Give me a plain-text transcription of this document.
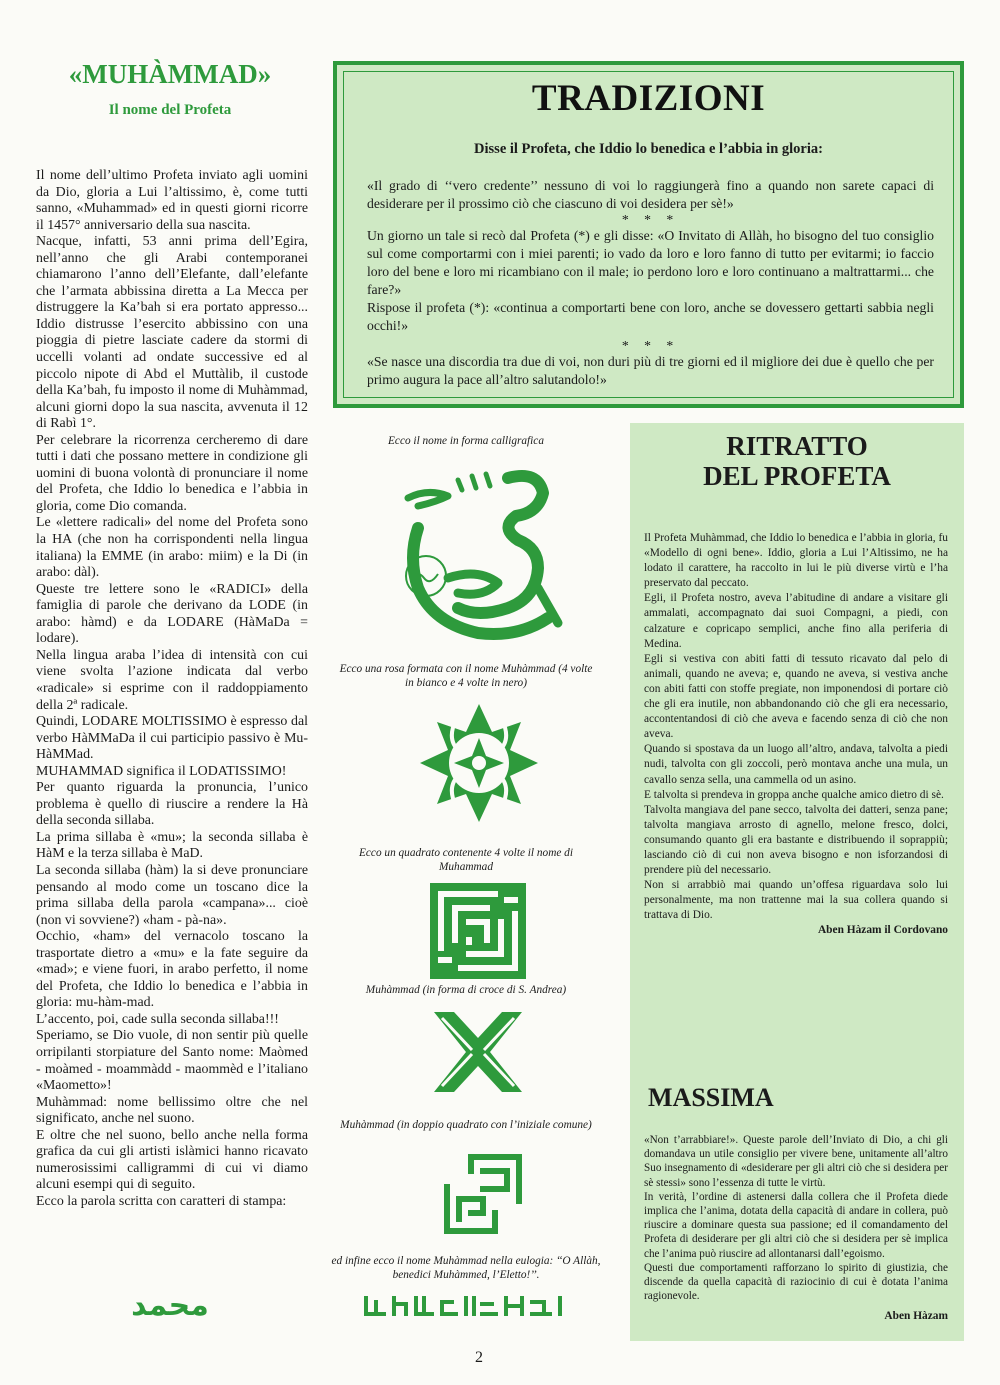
«MUHÀMMAD»
Il nome del Profeta

Il nome dell’ultimo Profeta inviato agli uomini da Dio, gloria a Lui l’altissimo, è, come tutti sanno, «Muhammad» ed in questi giorni ricorre il 1457° anniversario della sua nascita.

Nacque, infatti, 53 anni prima dell’Egira, nell’anno che gli Arabi contemporanei chiamarono l’anno dell’Elefante, dall’elefante che l’armata abbissina diretta a La Mecca per distruggere la Ka’bah si era portato appresso... Iddio distrusse l’esercito abbissino con una pioggia di pietre lasciate cadere da stormi di uccelli volanti ad ondate successive ed al piccolo nipote di Abd el Muttàlib, il custode della Ka’bah, fu imposto il nome di Muhàmmad, alcuni giorni dopo la sua nascita, avvenuta il 12 di Rabì 1°.

Per celebrare la ricorrenza cercheremo di dare tutti i dati che possano mettere in condizione gli uomini di buona volontà di pronunciare il nome del Profeta, che Iddio lo benedica e l’abbia in gloria, come Dio comanda.

Le «lettere radicali» del nome del Profeta sono la HA (che non ha corrispondenti nella lingua italiana) la EMME (in arabo: miim) e la Di (in arabo: dàl).

Queste tre lettere sono le «RADICI» della famiglia di parole che derivano da LODE (in arabo: hàmd) e da LODARE (HàMaDa = lodare).

Nella lingua araba l’idea di intensità con cui viene svolta l’azione indicata dal verbo «radicale» si esprime con il raddoppiamento della 2ª radicale.

Quindi, LODARE MOLTISSIMO è espresso dal verbo HàMMaDa il cui participio passivo è Mu-HàMMad.

MUHAMMAD significa il LODATISSIMO!

Per quanto riguarda la pronuncia, l’unico problema è quello di riuscire a rendere la Hà della seconda sillaba.

La prima sillaba è «mu»; la seconda sillaba è HàM e la terza sillaba è MaD.

La seconda sillaba (hàm) la si deve pronunciare pensando al modo come un toscano dice la prima sillaba della parola «campana»... cioè (non vi sovviene?) «ham - pà-na».

Occhio, «ham» del vernacolo toscano la trasportate dietro a «mu» e la fate seguire da «mad»; e viene fuori, in arabo perfetto, il nome del Profeta, che Iddio lo benedica e l’abbia in gloria: mu-hàm-mad.

L’accento, poi, cade sulla seconda sillaba!!!

Speriamo, se Dio vuole, di non sentir più quelle orripilanti storpiature del Santo nome: Maòmed - moàmed - moammàdd - maommèd e l’italiano «Maometto»!

Muhàmmad: nome bellissimo oltre che nel significato, anche nel suono.

E oltre che nel suono, bello anche nella forma grafica da cui gli artisti islàmici hanno ricavato numerosissimi calligrammi di cui vi diamo alcuni esempi qui di seguito.

Ecco la parola scritta con caratteri di stampa:

محمد
TRADIZIONI
Disse il Profeta, che Iddio lo benedica e l’abbia in gloria:

«Il grado di ‘‘vero credente’’ nessuno di voi lo raggiungerà fino a quando non sarete capaci di desiderare per il prossimo ciò che ciascuno di voi desidera per sè!»

* * *

Un giorno un tale si recò dal Profeta (*) e gli disse: «O Invitato di Allàh, ho bisogno del tuo consiglio sul come comportarmi con i miei parenti; io vado da loro e loro fanno di tutto per evitarmi; io faccio loro del bene e loro mi ricambiano con il male; io perdono loro e loro continuano a maltrattarmi... che fare?»

Rispose il profeta (*): «continua a comportarti bene con loro, anche se dovessero gettarti sabbia negli occhi!»

* * *

«Se nasce una discordia tra due di voi, non duri più di tre giorni ed il migliore dei due è quello che per primo augura la pace all’altro salutandolo!»

Ecco il nome in forma calligrafica
Ecco una rosa formata con il nome Muhàmmad (4 volte in bianco e 4 volte in nero)
Ecco un quadrato contenente 4 volte il nome di Muhammad
Muhàmmad (in forma di croce di S. Andrea)
Muhàmmad (in doppio quadrato con l’iniziale comune)
ed infine ecco il nome Muhàmmad nella eulogia: ‘‘O Allàh, benedici Muhàmmed, l’Eletto!’’.
RITRATTO
DEL PROFETA

Il Profeta Muhàmmad, che Iddio lo benedica e l’abbia in gloria, fu «Modello di ogni bene». Iddio, gloria a Lui l’Altissimo, ne ha lodato il carattere, ha raccolto in lui le più diverse virtù e l’ha preservato dal peccato.

Egli, il Profeta nostro, aveva l’abitudine di andare a visitare gli ammalati, accompagnato dai suoi Compagni, a piedi, con calzature e copricapo semplici, anche fino alla periferia di Medina.

Egli si vestiva con abiti fatti di tessuto ricavato dal pelo di animali, quando ne aveva; e, quando ne aveva, si vestiva anche con abiti fatti con stoffe pregiate, non imponendosi di portare ciò che gli era inutile, non abbandonando ciò che gli era necessario, accontentandosi di ciò che aveva e facendo senza di ciò che non aveva.

Quando si spostava da un luogo all’altro, andava, talvolta a piedi nudi, talvolta con gli zoccoli, però montava anche una mula, un cavallo senza sella, una cammella od un asino.

E talvolta si prendeva in groppa anche qualche amico dietro di sè.

Talvolta mangiava del pane secco, talvolta dei datteri, senza pane; talvolta mangiava arrosto di agnello, melone fresco, dolci, consumando quanto gli era bastante e distribuendo il soprappiù; lasciando ciò di cui non aveva bisogno e non isforzandosi di prendere più del necessario.

Non si arrabbiò mai quando un’offesa riguardava solo lui personalmente, ma non trattenne mai la sua collera quando si trattava di Dio.

Aben Hàzam il Cordovano

MASSIMA

«Non t’arrabbiare!». Queste parole dell’Inviato di Dio, a chi gli domandava un utile consiglio per vivere bene, unitamente all’altro Suo insegnamento di «desiderare per gli altri ciò che si desidera per sè stessi» sono l’essenza di tutte le virtù.

In verità, l’ordine di astenersi dalla collera che il Profeta diede implica che l’anima, dotata della capacità di andare in collera, può riuscire a dominare questa sua passione; ed il comandamento del Profeta di desiderare per gli altri ciò che si desidera per sè implica che l’anima può riuscire ad allontanarsi dall’egoismo.

Questi due comportamenti rafforzano lo spirito di giustizia, che discende da quella capacità di raziocinio di cui è dotata l’anima ragionevole.

Aben Hàzam

2
